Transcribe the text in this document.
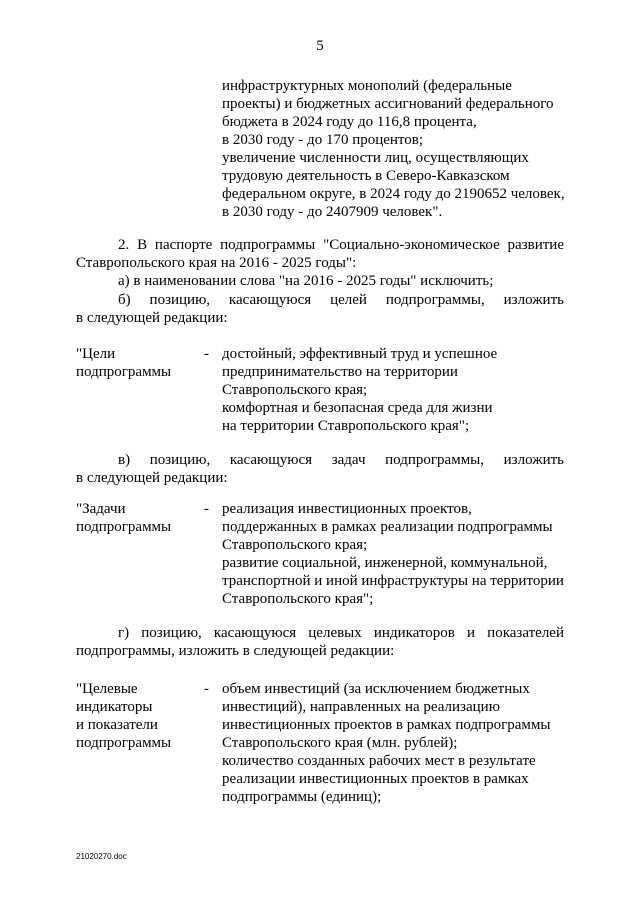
5
инфраструктурных монополий (федеральные
проекты) и бюджетных ассигнований федерального
бюджета в 2024 году до 116,8 процента,
в 2030 году - до 170 процентов;
увеличение численности лиц, осуществляющих
трудовую деятельность в Северо-Кавказском
федеральном округе, в 2024 году до 2190652 человек,
в 2030 году - до 2407909 человек".
2. В паспорте подпрограммы "Социально-экономическое развитие
Ставропольского края на 2016 - 2025 годы":
а) в наименовании слова "на 2016 - 2025 годы" исключить;
б) позицию, касающуюся целей подпрограммы, изложить
в следующей редакции:
"Цели
подпрограммы
- достойный, эффективный труд и успешное
предпринимательство на территории
Ставропольского края;
комфортная и безопасная среда для жизни
на территории Ставропольского края";
в) позицию, касающуюся задач подпрограммы, изложить
в следующей редакции:
"Задачи
подпрограммы
- реализация инвестиционных проектов,
поддержанных в рамках реализации подпрограммы
Ставропольского края;
развитие социальной, инженерной, коммунальной,
транспортной и иной инфраструктуры на территории
Ставропольского края";
г) позицию, касающуюся целевых индикаторов и показателей
подпрограммы, изложить в следующей редакции:
"Целевые
индикаторы
и показатели
подпрограммы
- объем инвестиций (за исключением бюджетных
инвестиций), направленных на реализацию
инвестиционных проектов в рамках подпрограммы
Ставропольского края (млн. рублей);
количество созданных рабочих мест в результате
реализации инвестиционных проектов в рамках
подпрограммы (единиц);
21020270.doc
